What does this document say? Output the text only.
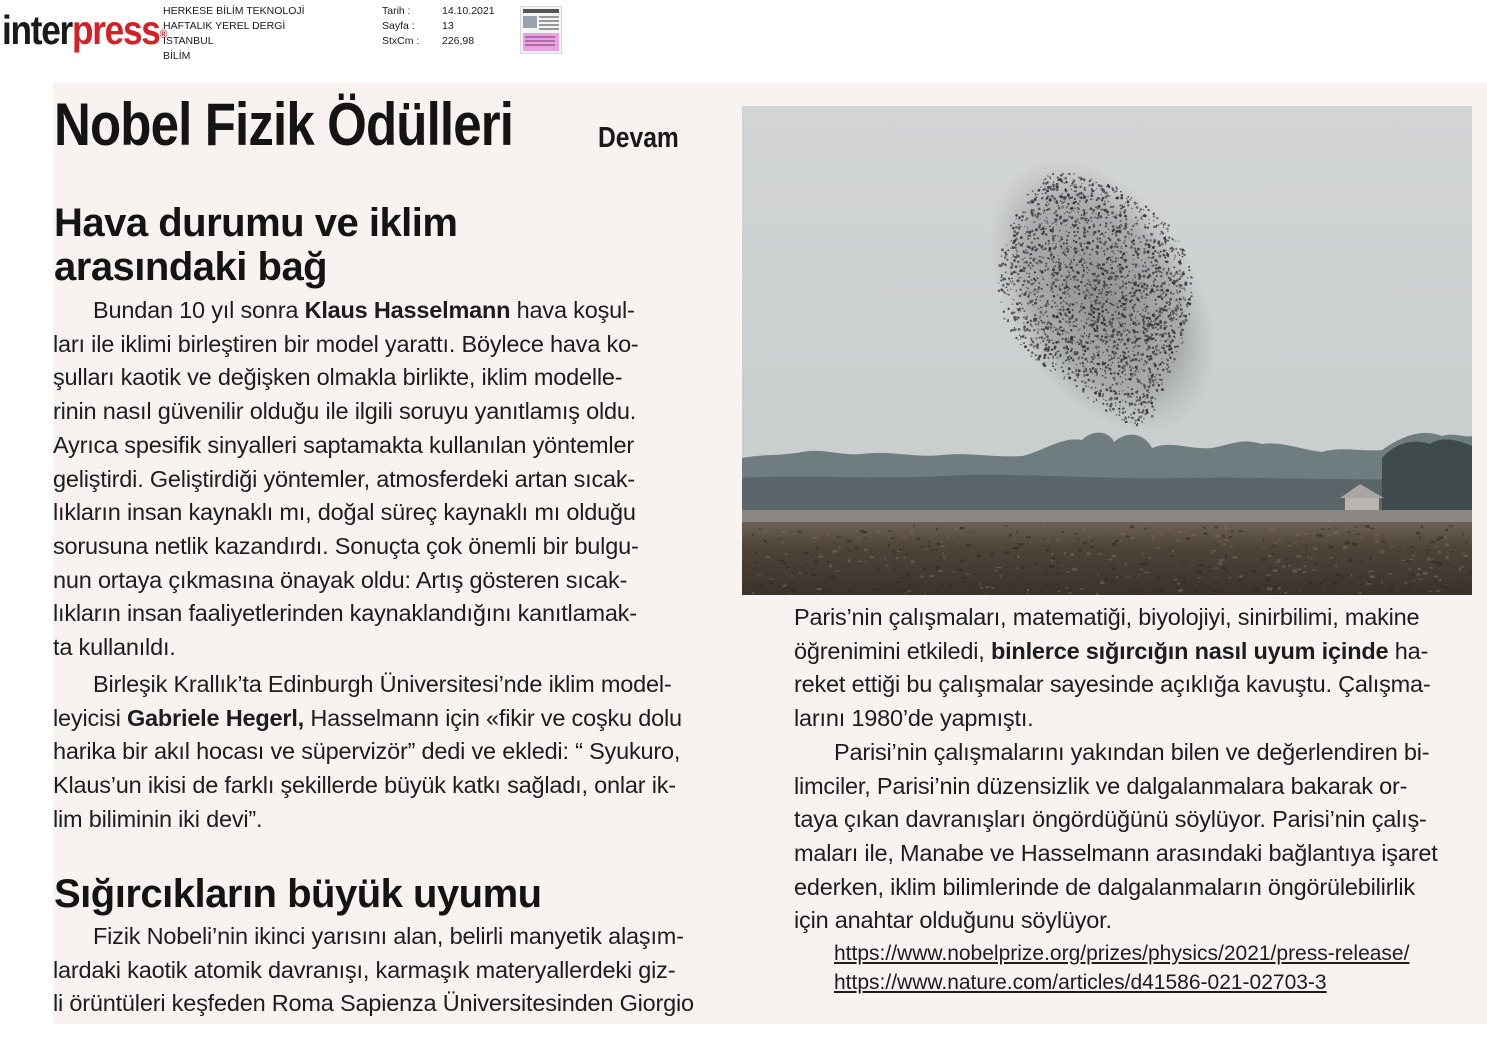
interpress®
HERKESE BİLİM TEKNOLOJİ
HAFTALIK YEREL DERGİ
İSTANBUL
BİLİM
Tarih :	14.10.2021
Sayfa :	13
StxCm :	226,98
Nobel Fizik Ödülleri	Devam
Hava durumu ve iklim
arasındaki bağ
Bundan 10 yıl sonra Klaus Hasselmann hava koşul-
ları ile iklimi birleştiren bir model yarattı. Böylece hava ko-
şulları kaotik ve değişken olmakla birlikte, iklim modelle-
rinin nasıl güvenilir olduğu ile ilgili soruyu yanıtlamış oldu.
Ayrıca spesifik sinyalleri saptamakta kullanılan yöntemler
geliştirdi. Geliştirdiği yöntemler, atmosferdeki artan sıcak-
lıkların insan kaynaklı mı, doğal süreç kaynaklı mı olduğu
sorusuna netlik kazandırdı. Sonuçta çok önemli bir bulgu-
nun ortaya çıkmasına önayak oldu: Artış gösteren sıcak-
lıkların insan faaliyetlerinden kaynaklandığını kanıtlamak-
ta kullanıldı.
Birleşik Krallık’ta Edinburgh Üniversitesi’nde iklim model-
leyicisi Gabriele Hegerl, Hasselmann için «fikir ve coşku dolu
harika bir akıl hocası ve süpervizör” dedi ve ekledi: “ Syukuro,
Klaus’un ikisi de farklı şekillerde büyük katkı sağladı, onlar ik-
lim biliminin iki devi”.
Sığırcıkların büyük uyumu
Fizik Nobeli’nin ikinci yarısını alan, belirli manyetik alaşım-
lardaki kaotik atomik davranışı, karmaşık materyallerdeki giz-
li örüntüleri keşfeden Roma Sapienza Üniversitesinden Giorgio
Paris’nin çalışmaları, matematiği, biyolojiyi, sinirbilimi, makine
öğrenimini etkiledi, binlerce sığırcığın nasıl uyum içinde ha-
reket ettiği bu çalışmalar sayesinde açıklığa kavuştu. Çalışma-
larını 1980’de yapmıştı.
Parisi’nin çalışmalarını yakından bilen ve değerlendiren bi-
limciler, Parisi’nin düzensizlik ve dalgalanmalara bakarak or-
taya çıkan davranışları öngördüğünü söylüyor. Parisi’nin çalış-
maları ile, Manabe ve Hasselmann arasındaki bağlantıya işaret
ederken, iklim bilimlerinde de dalgalanmaların öngörülebilirlik
için anahtar olduğunu söylüyor.
https://www.nobelprize.org/prizes/physics/2021/press-release/
https://www.nature.com/articles/d41586-021-02703-3
